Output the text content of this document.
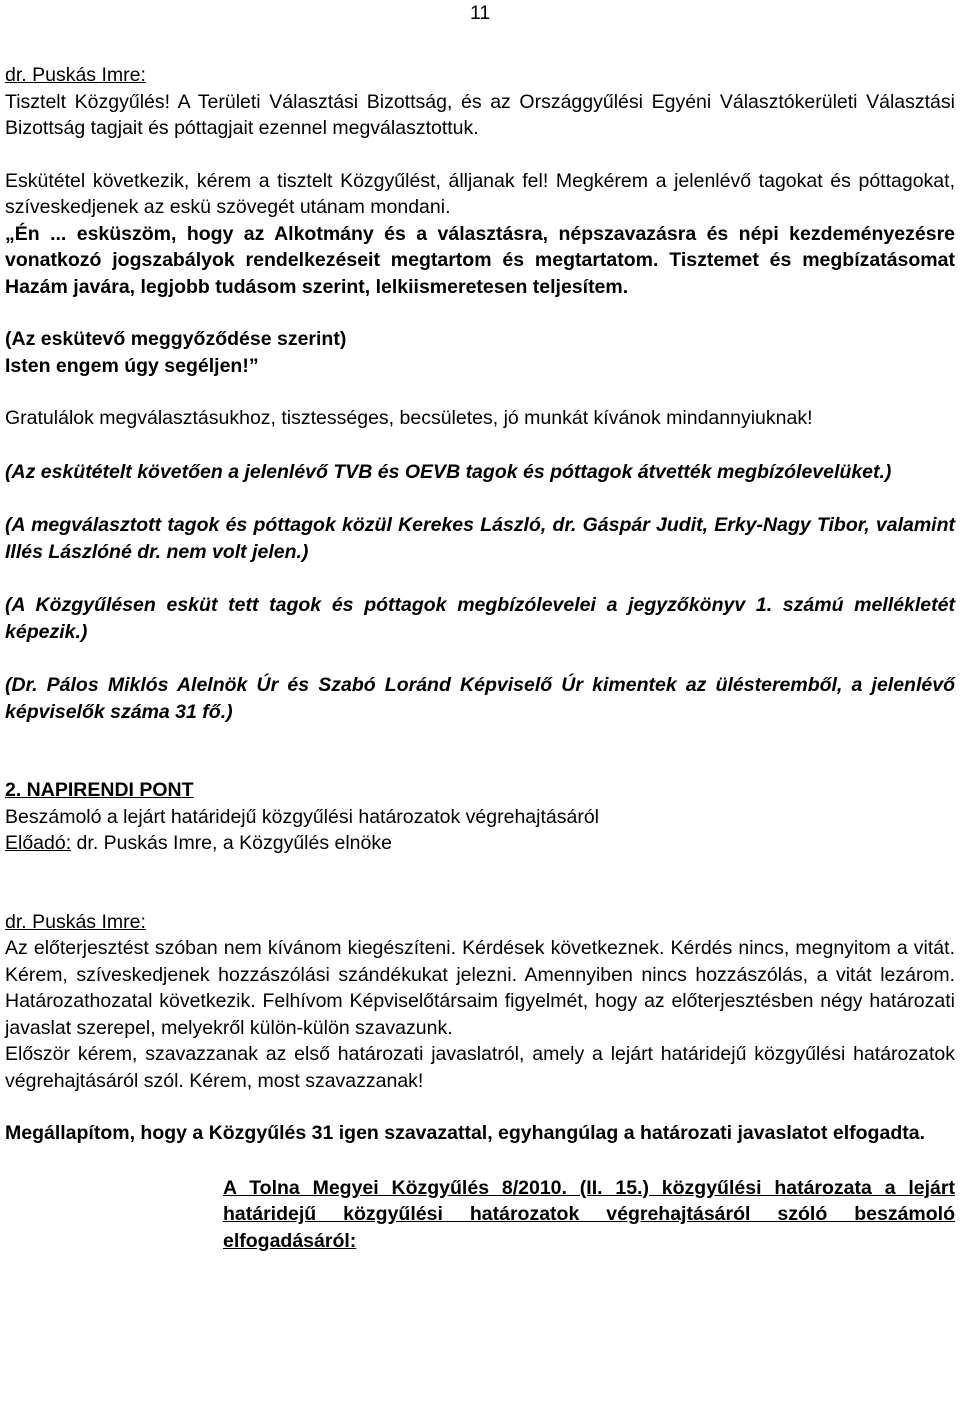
11

dr. Puskás Imre:

Tisztelt Közgyűlés! A Területi Választási Bizottság, és az Országgyűlési Egyéni Választókerületi Választási Bizottság tagjait és póttagjait ezennel megválasztottuk.

Eskütétel következik, kérem a tisztelt Közgyűlést, álljanak fel! Megkérem a jelenlévő tagokat és póttagokat, szíveskedjenek az eskü szövegét utánam mondani.

„Én ... esküszöm, hogy az Alkotmány és a választásra, népszavazásra és népi kezdeményezésre vonatkozó jogszabályok rendelkezéseit megtartom és megtartatom. Tisztemet és megbízatásomat Hazám javára, legjobb tudásom szerint, lelkiismeretesen teljesítem.

(Az eskütevő meggyőződése szerint)

Isten engem úgy segéljen!”

Gratulálok megválasztásukhoz, tisztességes, becsületes, jó munkát kívánok mindannyiuknak!

(Az eskütételt követően a jelenlévő TVB és OEVB tagok és póttagok átvették megbízólevelüket.)

(A megválasztott tagok és póttagok közül Kerekes László, dr. Gáspár Judit, Erky-Nagy Tibor, valamint Illés Lászlóné dr. nem volt jelen.)

(A Közgyűlésen esküt tett tagok és póttagok megbízólevelei a jegyzőkönyv 1. számú mellékletét képezik.)

(Dr. Pálos Miklós Alelnök Úr és Szabó Loránd Képviselő Úr kimentek az ülésteremből, a jelenlévő képviselők száma 31 fő.)

2. NAPIRENDI PONT

Beszámoló a lejárt határidejű közgyűlési határozatok végrehajtásáról

Előadó: dr. Puskás Imre, a Közgyűlés elnöke

dr. Puskás Imre:

Az előterjesztést szóban nem kívánom kiegészíteni. Kérdések következnek. Kérdés nincs, megnyitom a vitát. Kérem, szíveskedjenek hozzászólási szándékukat jelezni. Amennyiben nincs hozzászólás, a vitát lezárom. Határozathozatal következik. Felhívom Képviselőtársaim figyelmét, hogy az előterjesztésben négy határozati javaslat szerepel, melyekről külön-külön szavazunk.

Először kérem, szavazzanak az első határozati javaslatról, amely a lejárt határidejű közgyűlési határozatok végrehajtásáról szól. Kérem, most szavazzanak!

Megállapítom, hogy a Közgyűlés 31 igen szavazattal, egyhangúlag a határozati javaslatot elfogadta.

A Tolna Megyei Közgyűlés 8/2010. (II. 15.) közgyűlési határozata a lejárt határidejű közgyűlési határozatok végrehajtásáról szóló beszámoló elfogadásáról:
